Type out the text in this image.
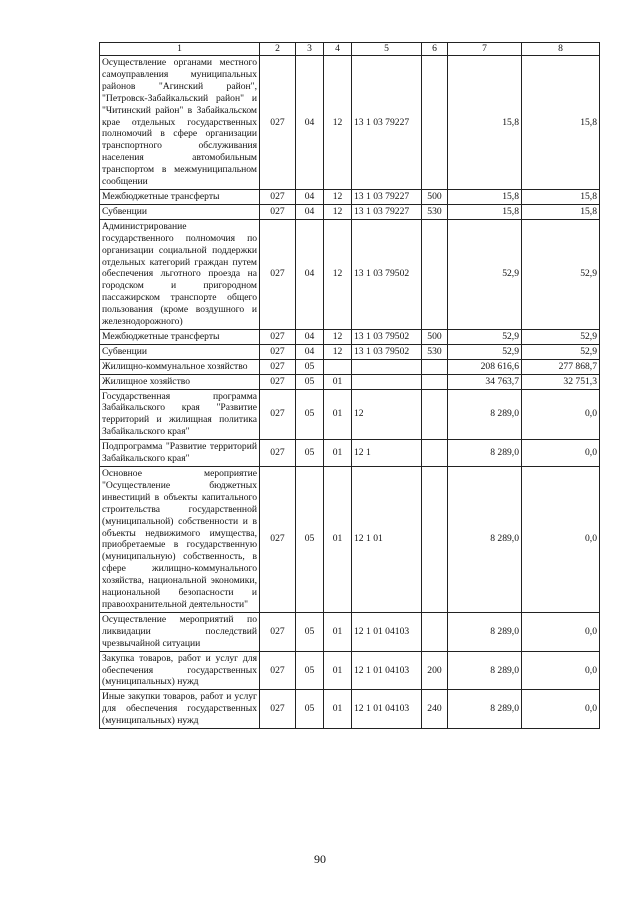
1	2	3	4	5	6	7	8
Осуществление органами местного самоуправления муниципальных районов "Агинский район", "Петровск-Забайкальский район" и "Читинский район" в Забайкальском крае отдельных государственных полномочий в сфере организации транспортного обслуживания населения автомобильным транспортом в межмуниципальном сообщении	027	04	12	13 1 03 79227		15,8	15,8
Межбюджетные трансферты	027	04	12	13 1 03 79227	500	15,8	15,8
Субвенции	027	04	12	13 1 03 79227	530	15,8	15,8
Администрирование государственного полномочия по организации социальной поддержки отдельных категорий граждан путем обеспечения льготного проезда на городском и пригородном пассажирском транспорте общего пользования (кроме воздушного и железнодорожного)	027	04	12	13 1 03 79502		52,9	52,9
Межбюджетные трансферты	027	04	12	13 1 03 79502	500	52,9	52,9
Субвенции	027	04	12	13 1 03 79502	530	52,9	52,9
Жилищно-коммунальное хозяйство	027	05				208 616,6	277 868,7
Жилищное хозяйство	027	05	01			34 763,7	32 751,3
Государственная программа Забайкальского края "Развитие территорий и жилищная политика Забайкальского края"	027	05	01	12		8 289,0	0,0
Подпрограмма "Развитие территорий Забайкальского края"	027	05	01	12 1		8 289,0	0,0
Основное мероприятие "Осуществление бюджетных инвестиций в объекты капитального строительства государственной (муниципальной) собственности и в объекты недвижимого имущества, приобретаемые в государственную (муниципальную) собственность, в сфере жилищно-коммунального хозяйства, национальной экономики, национальной безопасности и правоохранительной деятельности"	027	05	01	12 1 01		8 289,0	0,0
Осуществление мероприятий по ликвидации последствий чрезвычайной ситуации	027	05	01	12 1 01 04103		8 289,0	0,0
Закупка товаров, работ и услуг для обеспечения государственных (муниципальных) нужд	027	05	01	12 1 01 04103	200	8 289,0	0,0
Иные закупки товаров, работ и услуг для обеспечения государственных (муниципальных) нужд	027	05	01	12 1 01 04103	240	8 289,0	0,0
90
